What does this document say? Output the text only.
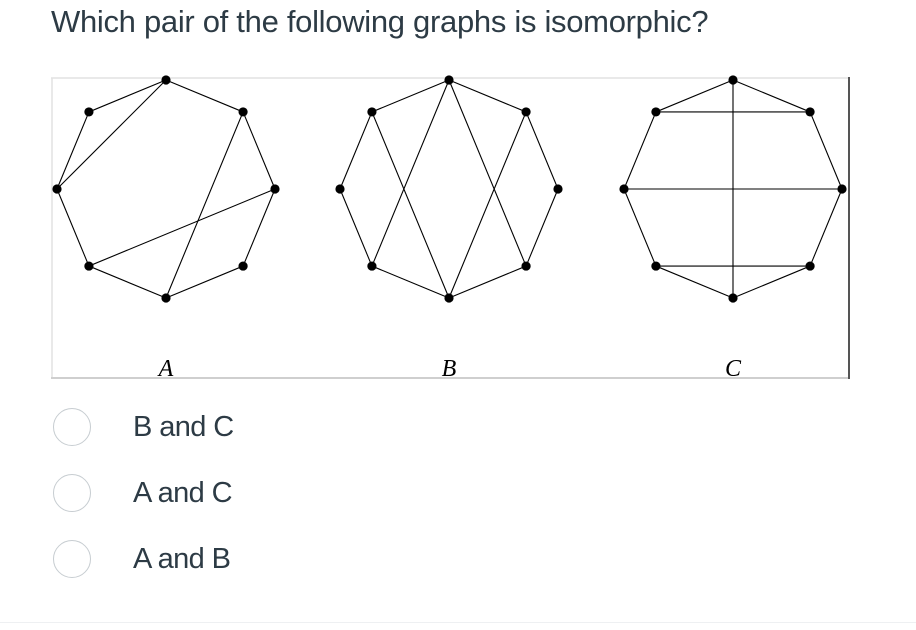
Which pair of the following graphs is isomorphic?
A	B	C
B and C
A and C
A and B
